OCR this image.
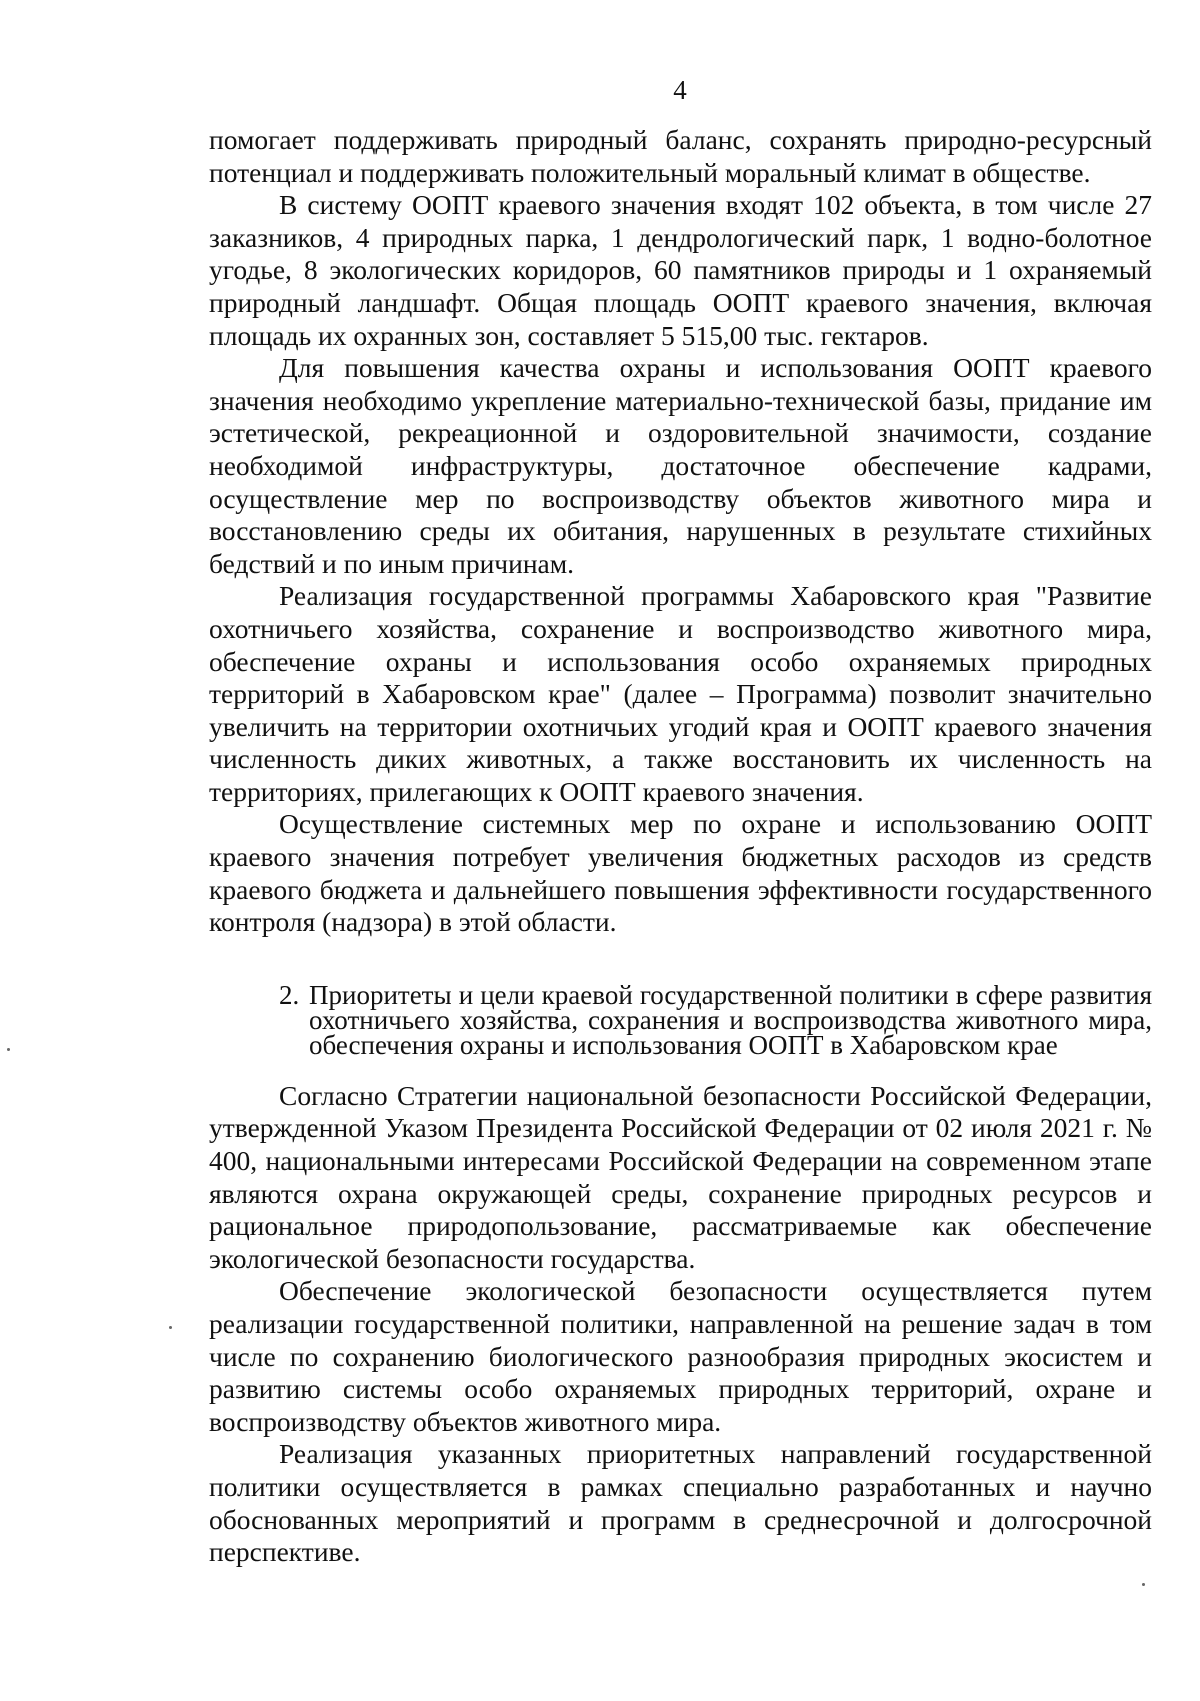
4

помогает поддерживать природный баланс, сохранять природно-ресурсный потенциал и поддерживать положительный моральный климат в обществе.

В систему ООПТ краевого значения входят 102 объекта, в том числе 27 заказников, 4 природных парка, 1 дендрологический парк, 1 водно-болотное угодье, 8 экологических коридоров, 60 памятников природы и 1 охраняемый природный ландшафт. Общая площадь ООПТ краевого значения, включая площадь их охранных зон, составляет 5 515,00 тыс. гектаров.

Для повышения качества охраны и использования ООПТ краевого значения необходимо укрепление материально-технической базы, придание им эстетической, рекреационной и оздоровительной значимости, создание необходимой инфраструктуры, достаточное обеспечение кадрами, осуществление мер по воспроизводству объектов животного мира и восстановлению среды их обитания, нарушенных в результате стихийных бедствий и по иным причинам.

Реализация государственной программы Хабаровского края "Развитие охотничьего хозяйства, сохранение и воспроизводство животного мира, обеспечение охраны и использования особо охраняемых природных территорий в Хабаровском крае" (далее – Программа) позволит значительно увеличить на территории охотничьих угодий края и ООПТ краевого значения численность диких животных, а также восстановить их численность на территориях, прилегающих к ООПТ краевого значения.

Осуществление системных мер по охране и использованию ООПТ краевого значения потребует увеличения бюджетных расходов из средств краевого бюджета и дальнейшего повышения эффективности государственного контроля (надзора) в этой области.

2. Приоритеты и цели краевой государственной политики в сфере развития охотничьего хозяйства, сохранения и воспроизводства животного мира, обеспечения охраны и использования ООПТ в Хабаровском крае

Согласно Стратегии национальной безопасности Российской Федерации, утвержденной Указом Президента Российской Федерации от 02 июля 2021 г. № 400, национальными интересами Российской Федерации на современном этапе являются охрана окружающей среды, сохранение природных ресурсов и рациональное природопользование, рассматриваемые как обеспечение экологической безопасности государства.

Обеспечение экологической безопасности осуществляется путем реализации государственной политики, направленной на решение задач в том числе по сохранению биологического разнообразия природных экосистем и развитию системы особо охраняемых природных территорий, охране и воспроизводству объектов животного мира.

Реализация указанных приоритетных направлений государственной политики осуществляется в рамках специально разработанных и научно обоснованных мероприятий и программ в среднесрочной и долгосрочной перспективе.
